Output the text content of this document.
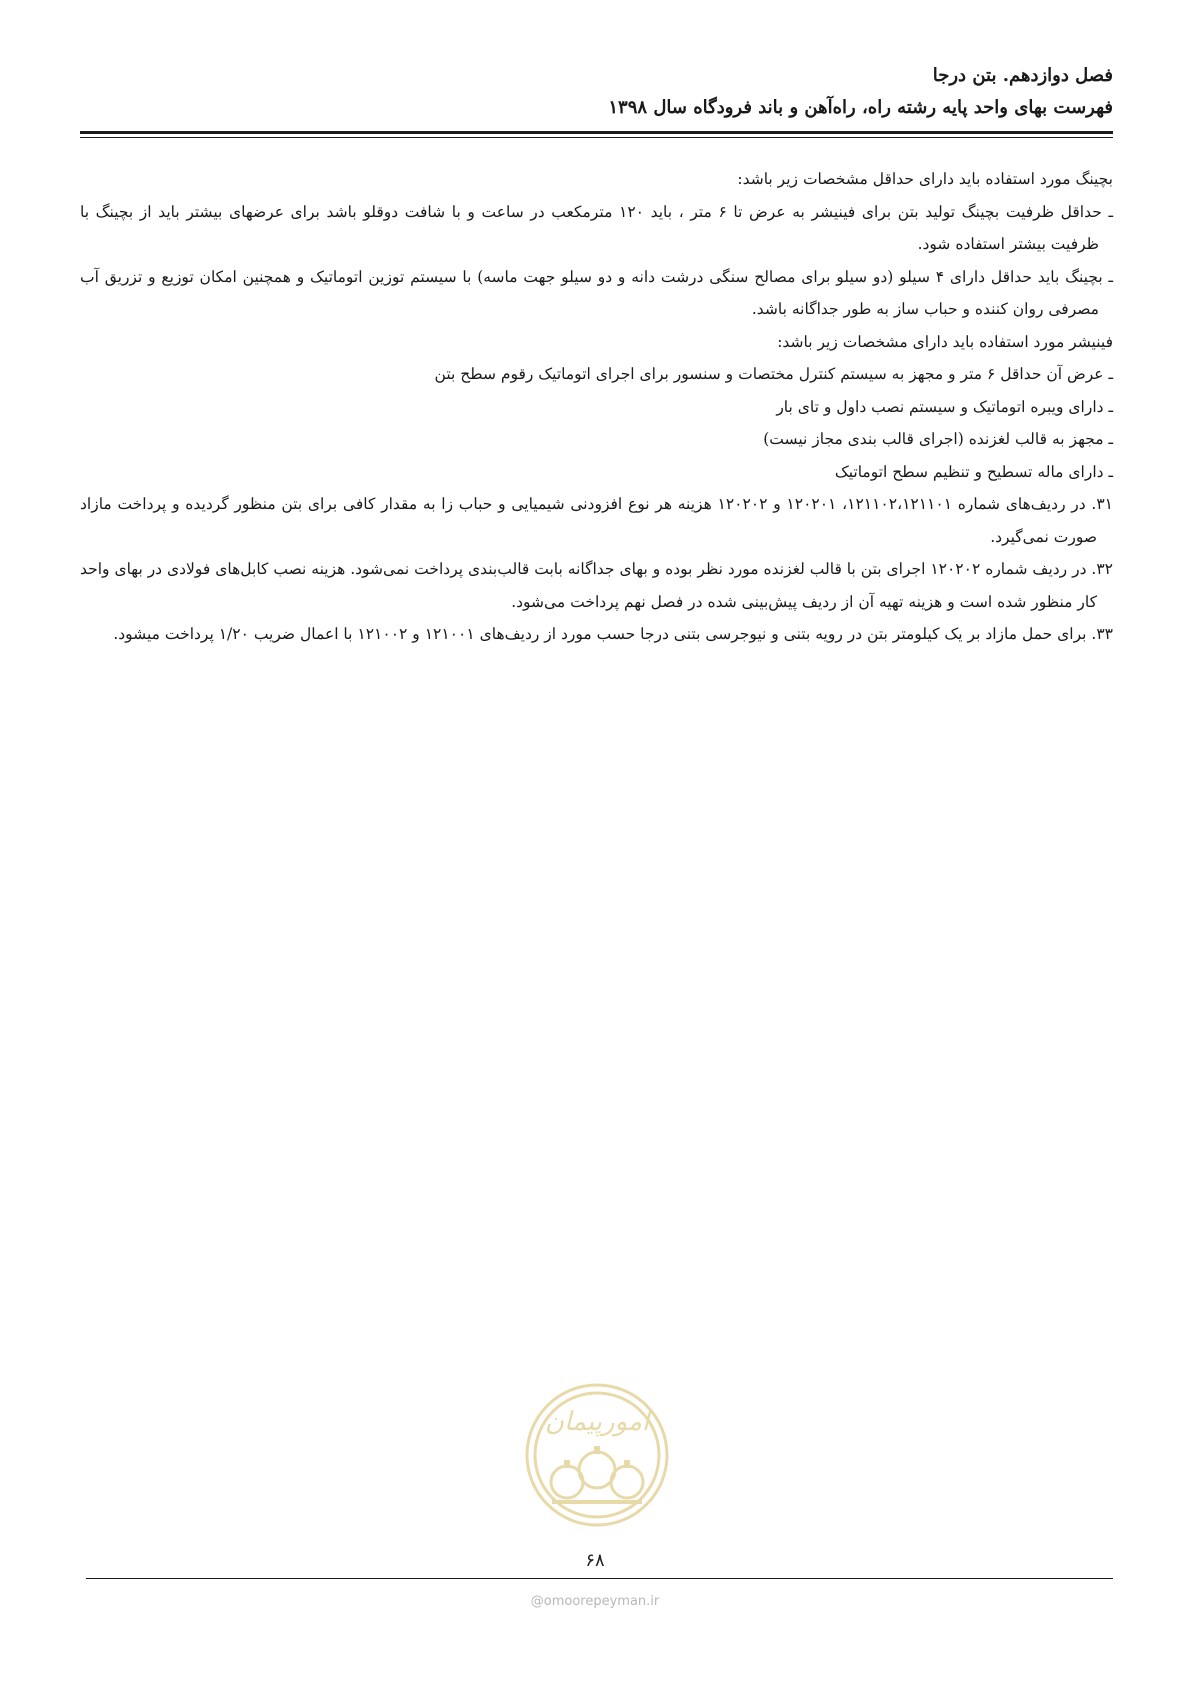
فصل دوازدهم. بتن درجا
فهرست بهای واحد پایه رشته راه، راه‌آهن و باند فرودگاه سال ۱۳۹۸

بچینگ مورد استفاده باید دارای حداقل مشخصات زیر باشد:

ـ حداقل ظرفیت بچینگ تولید بتن برای فینیشر به عرض تا ۶ متر ، باید ۱۲۰ مترمکعب در ساعت و با شافت دوقلو باشد برای عرضهای بیشتر باید از بچینگ با ظرفیت بیشتر استفاده شود.

ـ بچینگ باید حداقل دارای ۴ سیلو (دو سیلو برای مصالح سنگی درشت دانه و دو سیلو جهت ماسه) با سیستم توزین اتوماتیک و همچنین امکان توزیع و تزریق آب مصرفی روان کننده و حباب ساز به طور جداگانه باشد.

فینیشر مورد استفاده باید دارای مشخصات زیر باشد:

ـ عرض آن حداقل ۶ متر و مجهز به سیستم کنترل مختصات و سنسور برای اجرای اتوماتیک رقوم سطح بتن

ـ دارای ویبره اتوماتیک و سیستم نصب داول و تای بار

ـ مجهز به قالب لغزنده (اجرای قالب بندی مجاز نیست)

ـ دارای ماله تسطیح و تنظیم سطح اتوماتیک

۳۱. در ردیف‌های شماره ۱۲۱۱۰۲،۱۲۱۱۰۱، ۱۲۰۲۰۱ و ۱۲۰۲۰۲ هزینه هر نوع افزودنی شیمیایی و حباب زا به مقدار کافی برای بتن منظور گردیده و پرداخت مازاد صورت نمی‌گیرد.

۳۲. در ردیف شماره ۱۲۰۲۰۲ اجرای بتن با قالب لغزنده مورد نظر بوده و بهای جداگانه بابت قالب‌بندی پرداخت نمی‌شود. هزینه نصب کابل‌های فولادی در بهای واحد کار منظور شده است و هزینه تهیه آن از ردیف پیش‌بینی شده در فصل نهم پرداخت می‌شود.

۳۳. برای حمل مازاد بر یک کیلومتر بتن در رویه بتنی و نیوجرسی بتنی درجا حسب مورد از ردیف‌های ۱۲۱۰۰۱ و ۱۲۱۰۰۲ با اعمال ضریب ۱/۲۰ پرداخت میشود.

امورپیمان
۶۸
@omoorepeyman.ir
